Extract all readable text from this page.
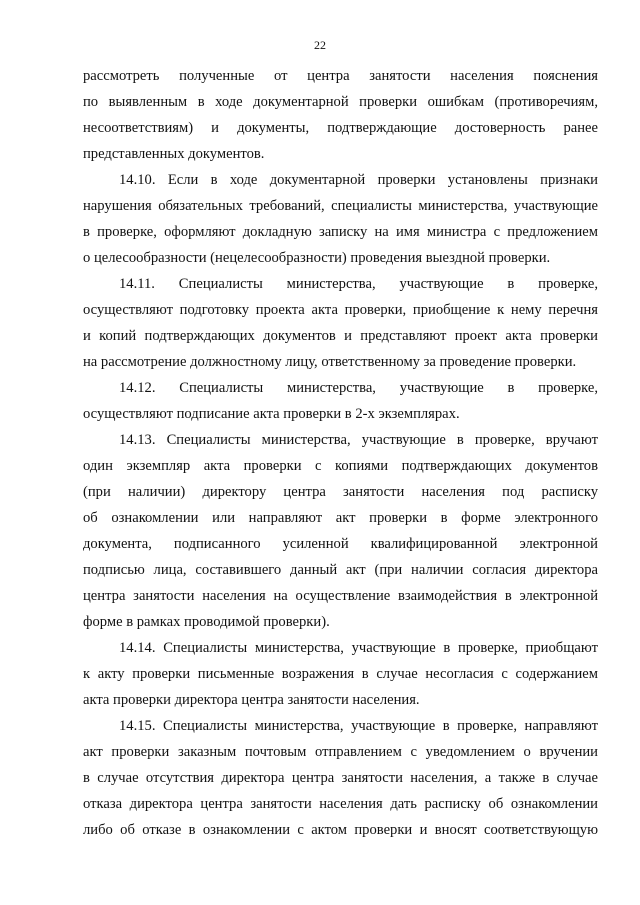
22
рассмотреть полученные от центра занятости населения пояснения
по выявленным в ходе документарной проверки ошибкам (противоречиям,
несоответствиям) и документы, подтверждающие достоверность ранее
представленных документов.
14.10. Если в ходе документарной проверки установлены признаки
нарушения обязательных требований, специалисты министерства, участвующие
в проверке, оформляют докладную записку на имя министра с предложением
о целесообразности (нецелесообразности) проведения выездной проверки.
14.11. Специалисты министерства, участвующие в проверке,
осуществляют подготовку проекта акта проверки, приобщение к нему перечня
и копий подтверждающих документов и представляют проект акта проверки
на рассмотрение должностному лицу, ответственному за проведение проверки.
14.12. Специалисты министерства, участвующие в проверке,
осуществляют подписание акта проверки в 2-х экземплярах.
14.13. Специалисты министерства, участвующие в проверке, вручают
один экземпляр акта проверки с копиями подтверждающих документов
(при наличии) директору центра занятости населения под расписку
об ознакомлении или направляют акт проверки в форме электронного
документа, подписанного усиленной квалифицированной электронной
подписью лица, составившего данный акт (при наличии согласия директора
центра занятости населения на осуществление взаимодействия в электронной
форме в рамках проводимой проверки).
14.14. Специалисты министерства, участвующие в проверке, приобщают
к акту проверки письменные возражения в случае несогласия с содержанием
акта проверки директора центра занятости населения.
14.15. Специалисты министерства, участвующие в проверке, направляют
акт проверки заказным почтовым отправлением с уведомлением о вручении
в случае отсутствия директора центра занятости населения, а также в случае
отказа директора центра занятости населения дать расписку об ознакомлении
либо об отказе в ознакомлении с актом проверки и вносят соответствующую
